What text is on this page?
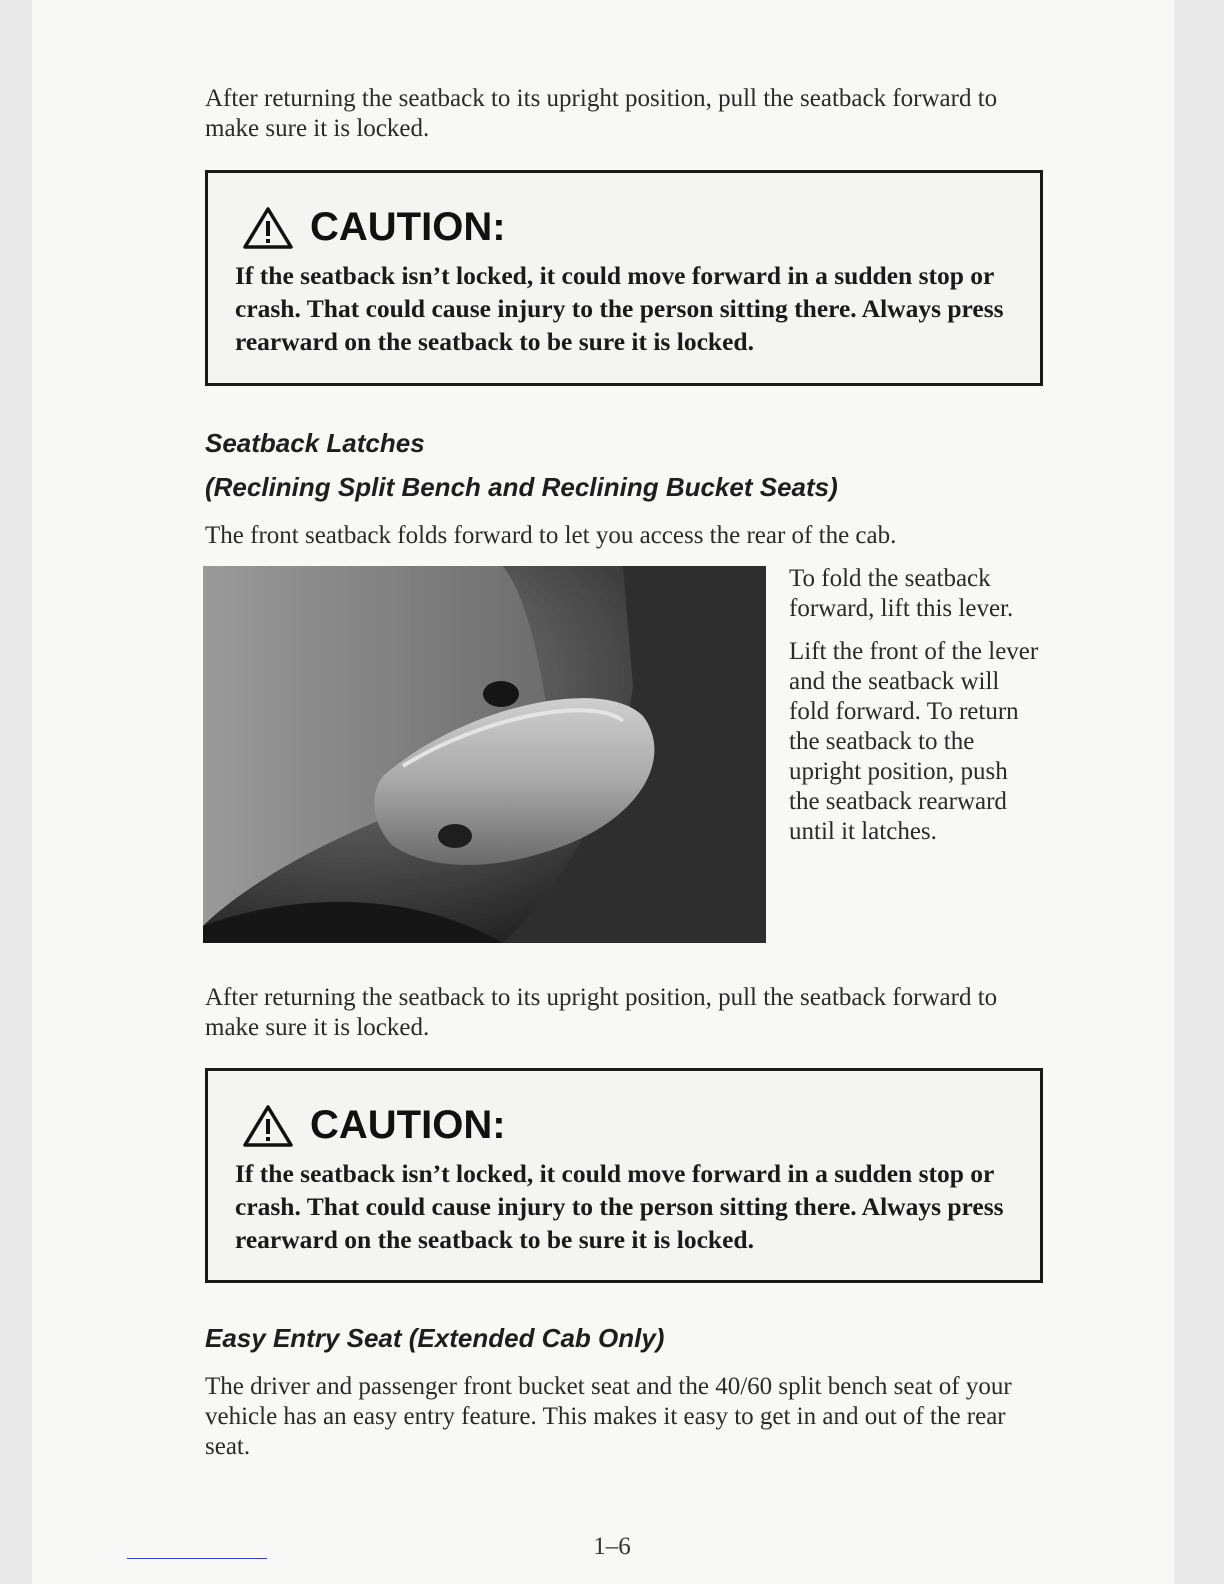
After returning the seatback to its upright position, pull the seatback forward to make sure it is locked.

CAUTION:

If the seatback isn’t locked, it could move forward in a sudden stop or crash. That could cause injury to the person sitting there. Always press rearward on the seatback to be sure it is locked.

Seatback Latches
(Reclining Split Bench and Reclining Bucket Seats)

The front seatback folds forward to let you access the rear of the cab.

To fold the seatback forward, lift this lever.

Lift the front of the lever and the seatback will fold forward. To return the seatback to the upright position, push the seatback rearward until it latches.

After returning the seatback to its upright position, pull the seatback forward to make sure it is locked.

CAUTION:

If the seatback isn’t locked, it could move forward in a sudden stop or crash. That could cause injury to the person sitting there. Always press rearward on the seatback to be sure it is locked.

Easy Entry Seat (Extended Cab Only)

The driver and passenger front bucket seat and the 40/60 split bench seat of your vehicle has an easy entry feature. This makes it easy to get in and out of the rear seat.

1–6
